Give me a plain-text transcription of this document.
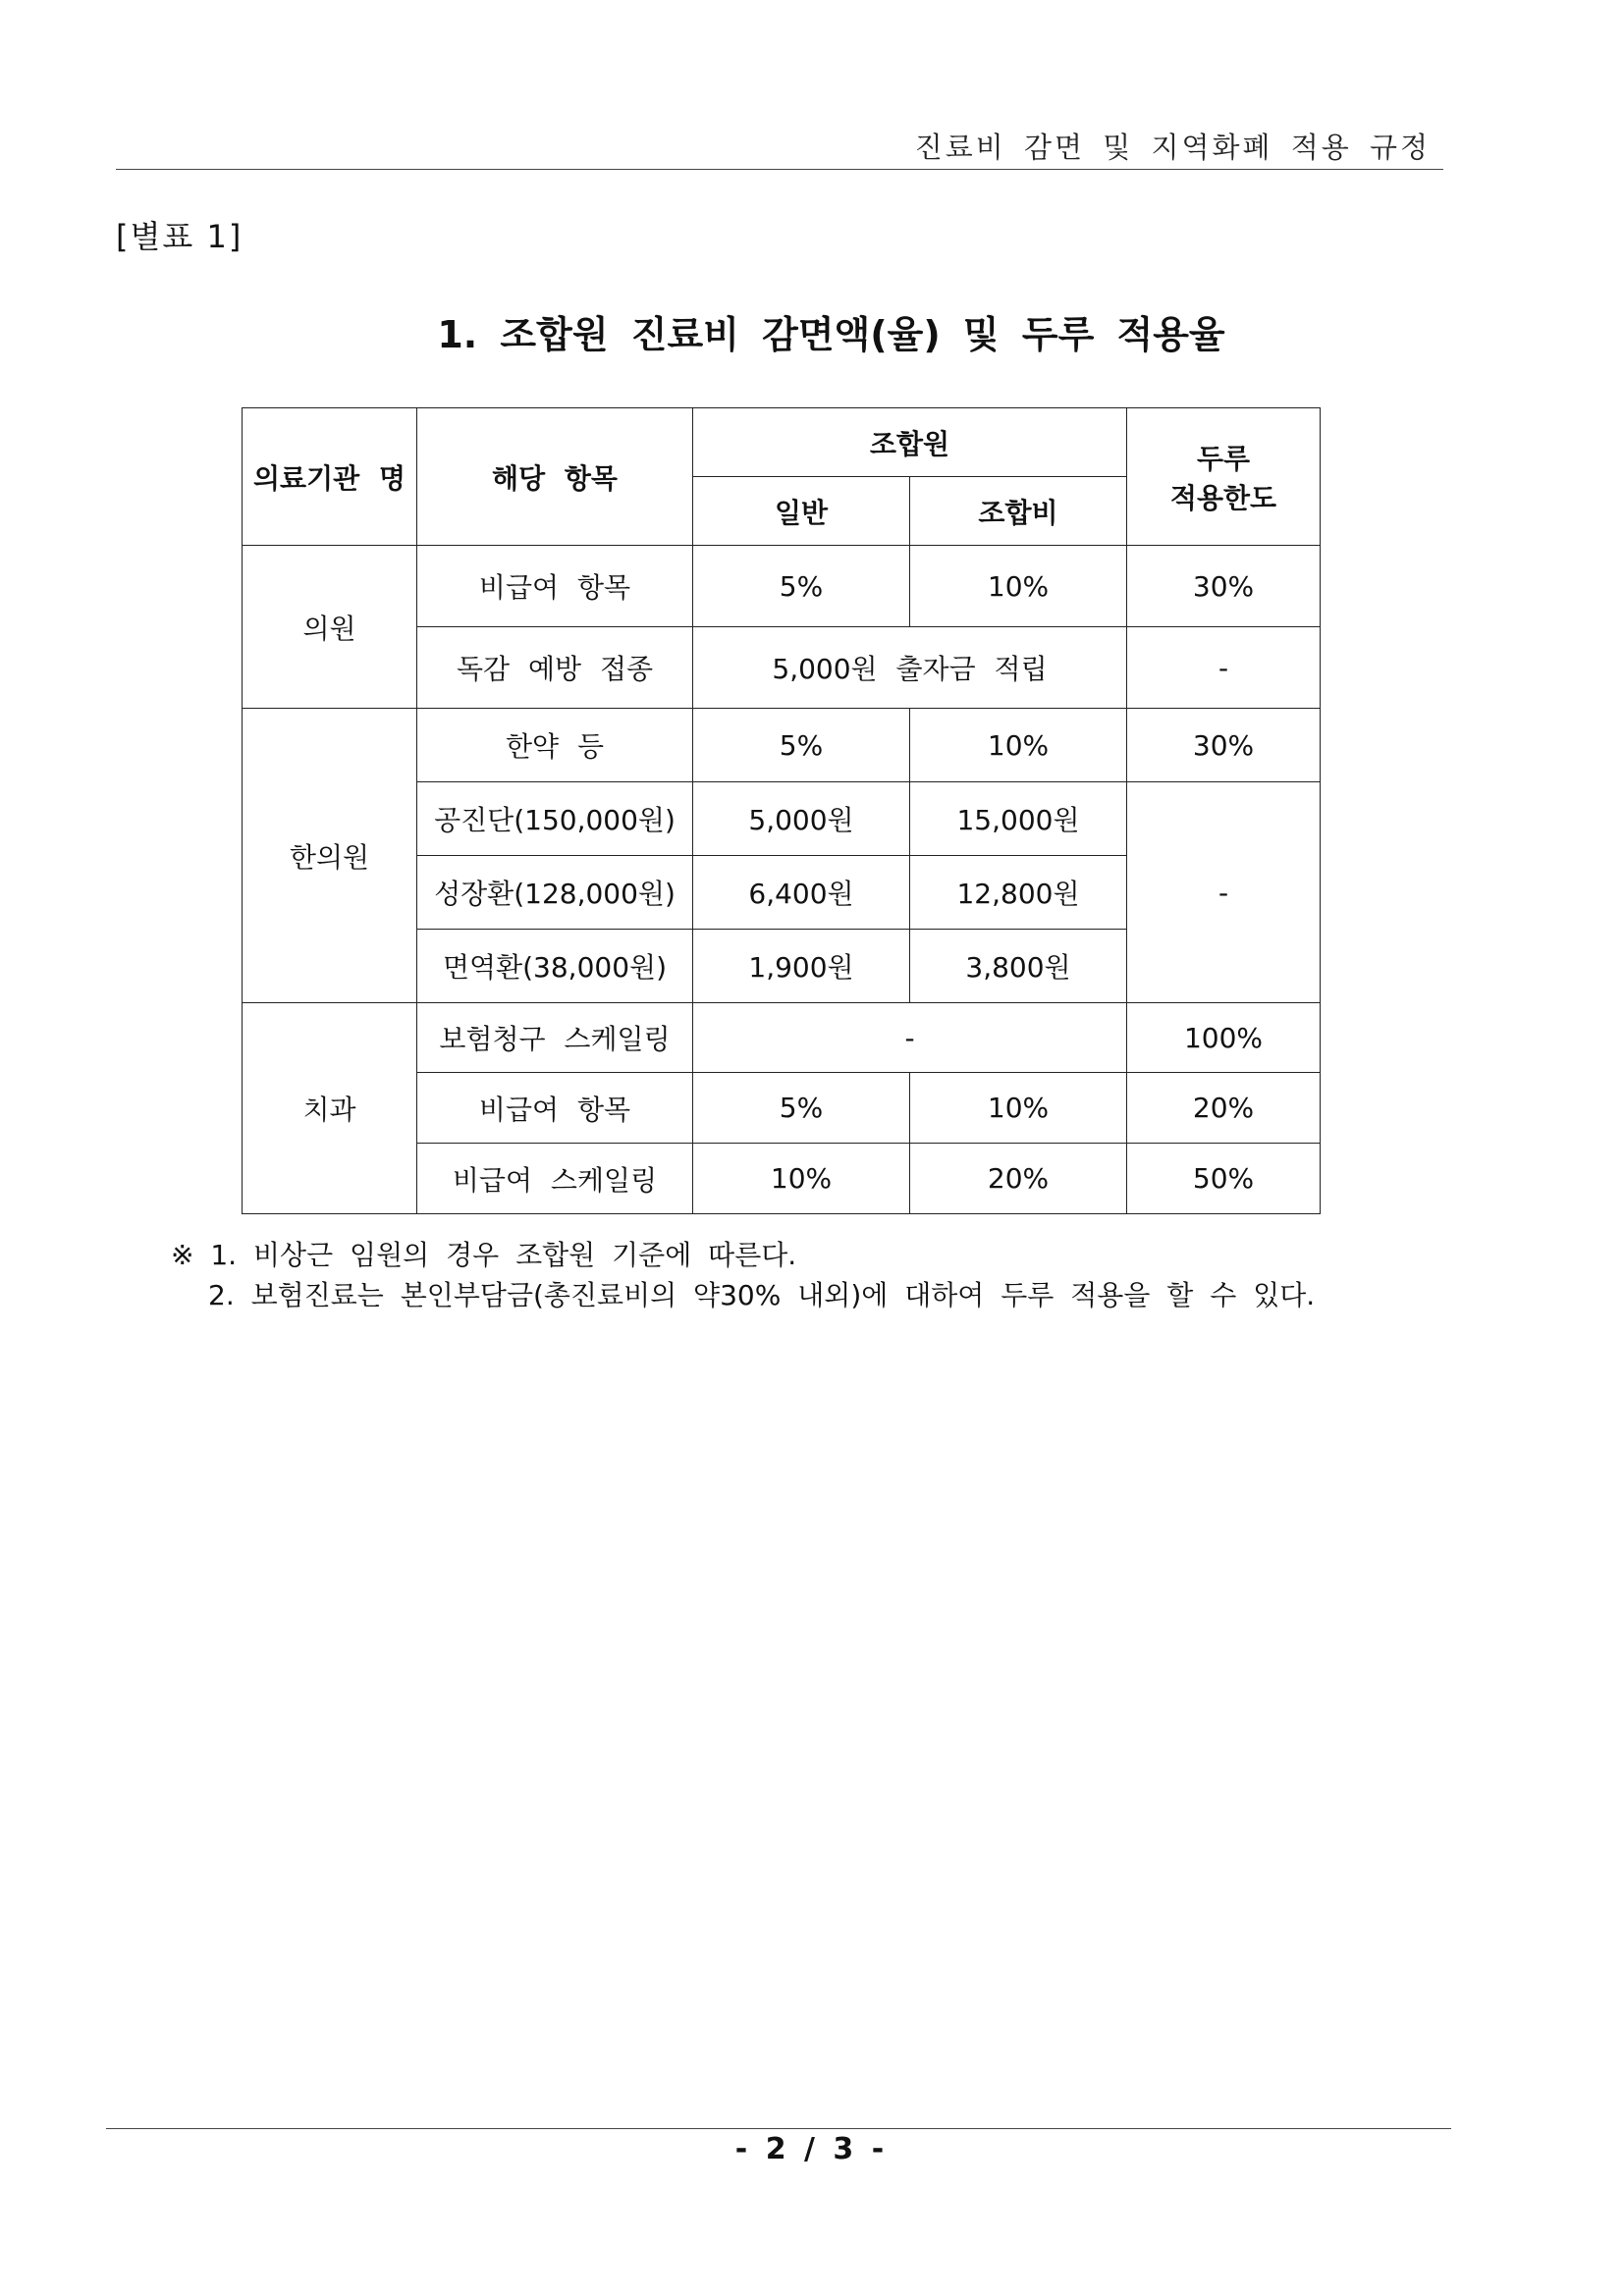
진료비 감면 및 지역화폐 적용 규정
[별표 1]
1. 조합원 진료비 감면액(율) 및 두루 적용율
의료기관 명	해당 항목	조합원		두루
적용한도

		일반	조합비	
의원	비급여 항목	5%	10%	30%
	독감 예방 접종	5,000원 출자금 적립		-
한의원	한약 등	5%	10%	30%
	공진단(150,000원)	5,000원	15,000원	-
	성장환(128,000원)	6,400원	12,800원	
	면역환(38,000원)	1,900원	3,800원	
치과	보험청구 스케일링	-		100%
	비급여 항목	5%	10%	20%
	비급여 스케일링	10%	20%	50%
※ 1. 비상근 임원의 경우 조합원 기준에 따른다.
2. 보험진료는 본인부담금(총진료비의 약30% 내외)에 대하여 두루 적용을 할 수 있다.
- 2 / 3 -
